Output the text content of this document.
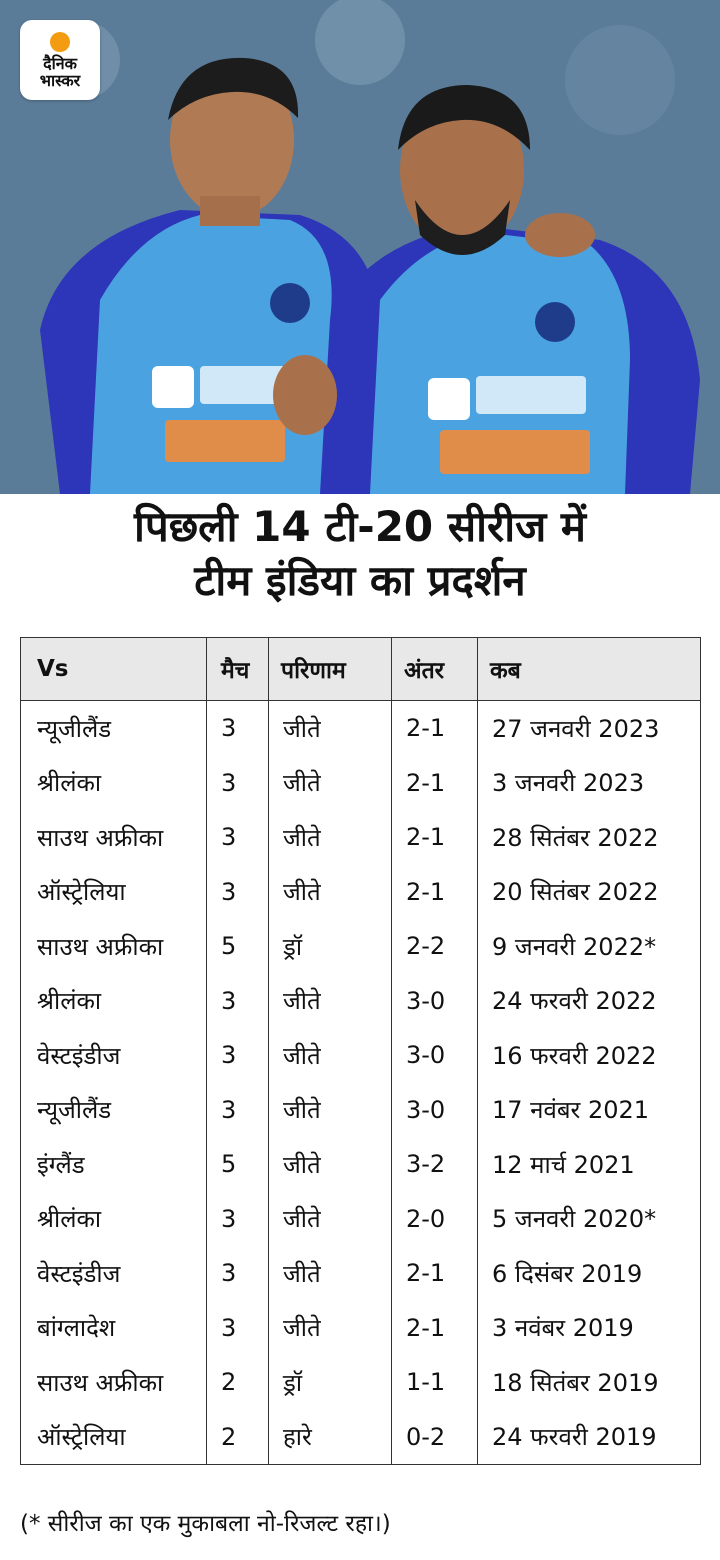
दैनिक
भास्कर
पिछली 14 टी-20 सीरीज में
टीम इंडिया का प्रदर्शन
Vs	मैच	परिणाम	अंतर	कब
न्यूजीलैंड	3	जीते	2-1	27 जनवरी 2023
श्रीलंका	3	जीते	2-1	3 जनवरी 2023
साउथ अफ्रीका	3	जीते	2-1	28 सितंबर 2022
ऑस्ट्रेलिया	3	जीते	2-1	20 सितंबर 2022
साउथ अफ्रीका	5	ड्रॉ	2-2	9 जनवरी 2022*
श्रीलंका	3	जीते	3-0	24 फरवरी 2022
वेस्टइंडीज	3	जीते	3-0	16 फरवरी 2022
न्यूजीलैंड	3	जीते	3-0	17 नवंबर 2021
इंग्लैंड	5	जीते	3-2	12 मार्च 2021
श्रीलंका	3	जीते	2-0	5 जनवरी 2020*
वेस्टइंडीज	3	जीते	2-1	6 दिसंबर 2019
बांग्लादेश	3	जीते	2-1	3 नवंबर 2019
साउथ अफ्रीका	2	ड्रॉ	1-1	18 सितंबर 2019
ऑस्ट्रेलिया	2	हारे	0-2	24 फरवरी 2019
(* सीरीज का एक मुकाबला नो-रिजल्ट रहा।)
